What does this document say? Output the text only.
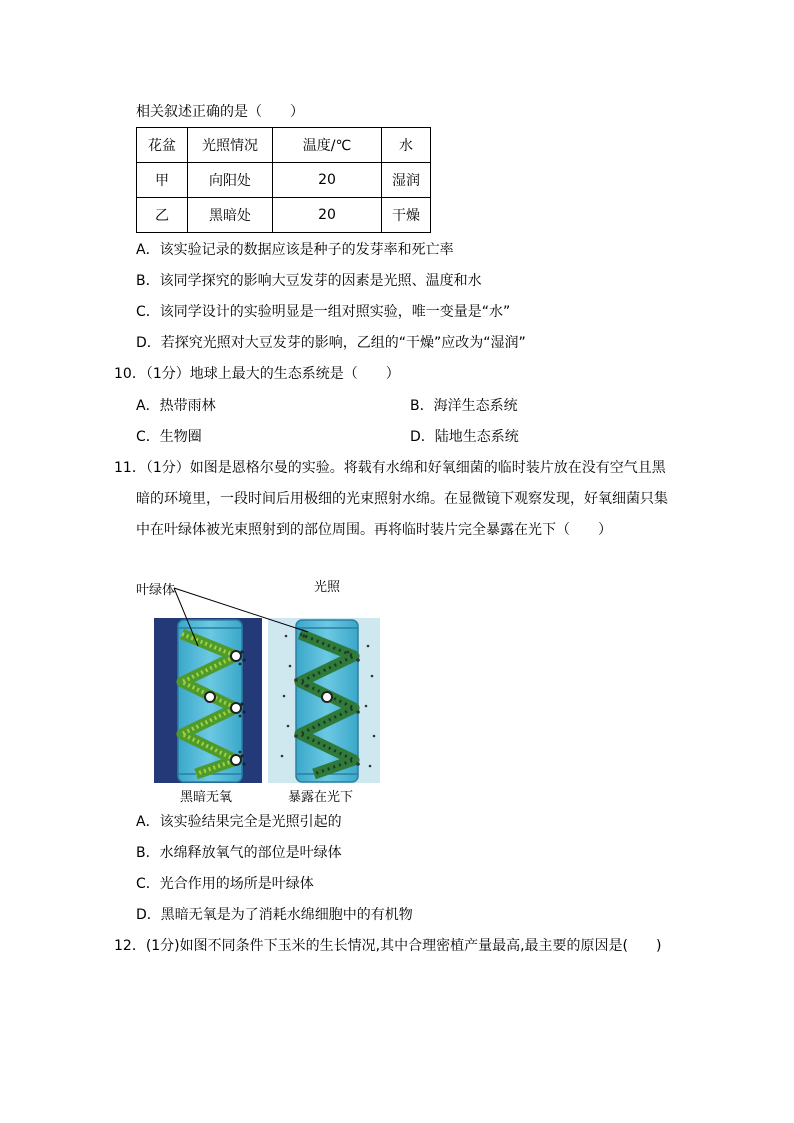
相关叙述正确的是（　　）
花盆	光照情况	温度/℃	水
甲	向阳处	20	湿润
乙	黑暗处	20	干燥
A．该实验记录的数据应该是种子的发芽率和死亡率
B．该同学探究的影响大豆发芽的因素是光照、温度和水
C．该同学设计的实验明显是一组对照实验，唯一变量是“水”
D．若探究光照对大豆发芽的影响，乙组的“干燥”应改为“湿润”
10．（1分）地球上最大的生态系统是（　　）
A．热带雨林	B．海洋生态系统
C．生物圈	D．陆地生态系统
11．（1分）如图是恩格尔曼的实验。将载有水绵和好氧细菌的临时装片放在没有空气且黑
暗的环境里，一段时间后用极细的光束照射水绵。在显微镜下观察发现，好氧细菌只集
中在叶绿体被光束照射到的部位周围。再将临时装片完全暴露在光下（　　）
叶绿体	光照
黑暗无氧	暴露在光下
A．该实验结果完全是光照引起的
B．水绵释放氧气的部位是叶绿体
C．光合作用的场所是叶绿体
D．黑暗无氧是为了消耗水绵细胞中的有机物
12．(1分)如图不同条件下玉米的生长情况,其中合理密植产量最高,最主要的原因是(　　)
